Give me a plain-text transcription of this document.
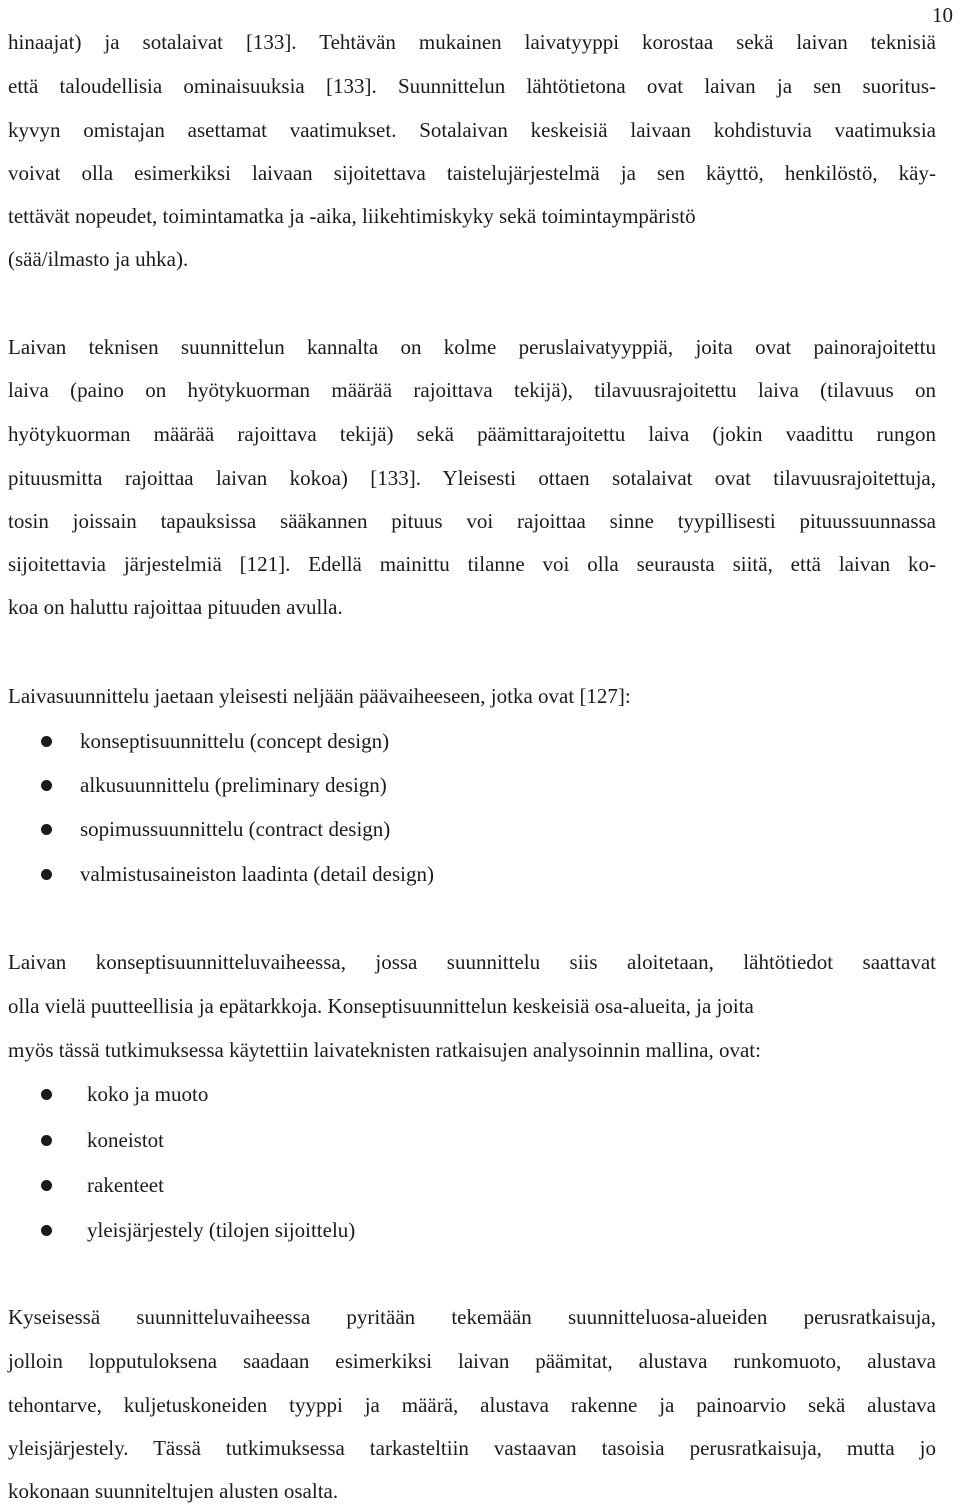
10
hinaajat) ja sotalaivat [133]. Tehtävän mukainen laivatyyppi korostaa sekä laivan teknisiä
että taloudellisia ominaisuuksia [133]. Suunnittelun lähtötietona ovat laivan ja sen suoritus-
kyvyn omistajan asettamat vaatimukset. Sotalaivan keskeisiä laivaan kohdistuvia vaatimuksia
voivat olla esimerkiksi laivaan sijoitettava taistelujärjestelmä ja sen käyttö, henkilöstö, käy-
tettävät nopeudet, toimintamatka ja -aika, liikehtimiskyky sekä toimintaympäristö
(sää/ilmasto ja uhka).
Laivan teknisen suunnittelun kannalta on kolme peruslaivatyyppiä, joita ovat painorajoitettu
laiva (paino on hyötykuorman määrää rajoittava tekijä), tilavuusrajoitettu laiva (tilavuus on
hyötykuorman määrää rajoittava tekijä) sekä päämittarajoitettu laiva (jokin vaadittu rungon
pituusmitta rajoittaa laivan kokoa) [133]. Yleisesti ottaen sotalaivat ovat tilavuusrajoitettuja,
tosin joissain tapauksissa sääkannen pituus voi rajoittaa sinne tyypillisesti pituussuunnassa
sijoitettavia järjestelmiä [121]. Edellä mainittu tilanne voi olla seurausta siitä, että laivan ko-
koa on haluttu rajoittaa pituuden avulla.
Laivasuunnittelu jaetaan yleisesti neljään päävaiheeseen, jotka ovat [127]:
konseptisuunnittelu (concept design)
alkusuunnittelu (preliminary design)
sopimussuunnittelu (contract design)
valmistusaineiston laadinta (detail design)
Laivan konseptisuunnitteluvaiheessa, jossa suunnittelu siis aloitetaan, lähtötiedot saattavat
olla vielä puutteellisia ja epätarkkoja. Konseptisuunnittelun keskeisiä osa-alueita, ja joita
myös tässä tutkimuksessa käytettiin laivateknisten ratkaisujen analysoinnin mallina, ovat:
koko ja muoto
koneistot
rakenteet
yleisjärjestely (tilojen sijoittelu)
Kyseisessä suunnitteluvaiheessa pyritään tekemään suunnitteluosa-alueiden perusratkaisuja,
jolloin lopputuloksena saadaan esimerkiksi laivan päämitat, alustava runkomuoto, alustava
tehontarve, kuljetuskoneiden tyyppi ja määrä, alustava rakenne ja painoarvio sekä alustava
yleisjärjestely. Tässä tutkimuksessa tarkasteltiin vastaavan tasoisia perusratkaisuja, mutta jo
kokonaan suunniteltujen alusten osalta.
